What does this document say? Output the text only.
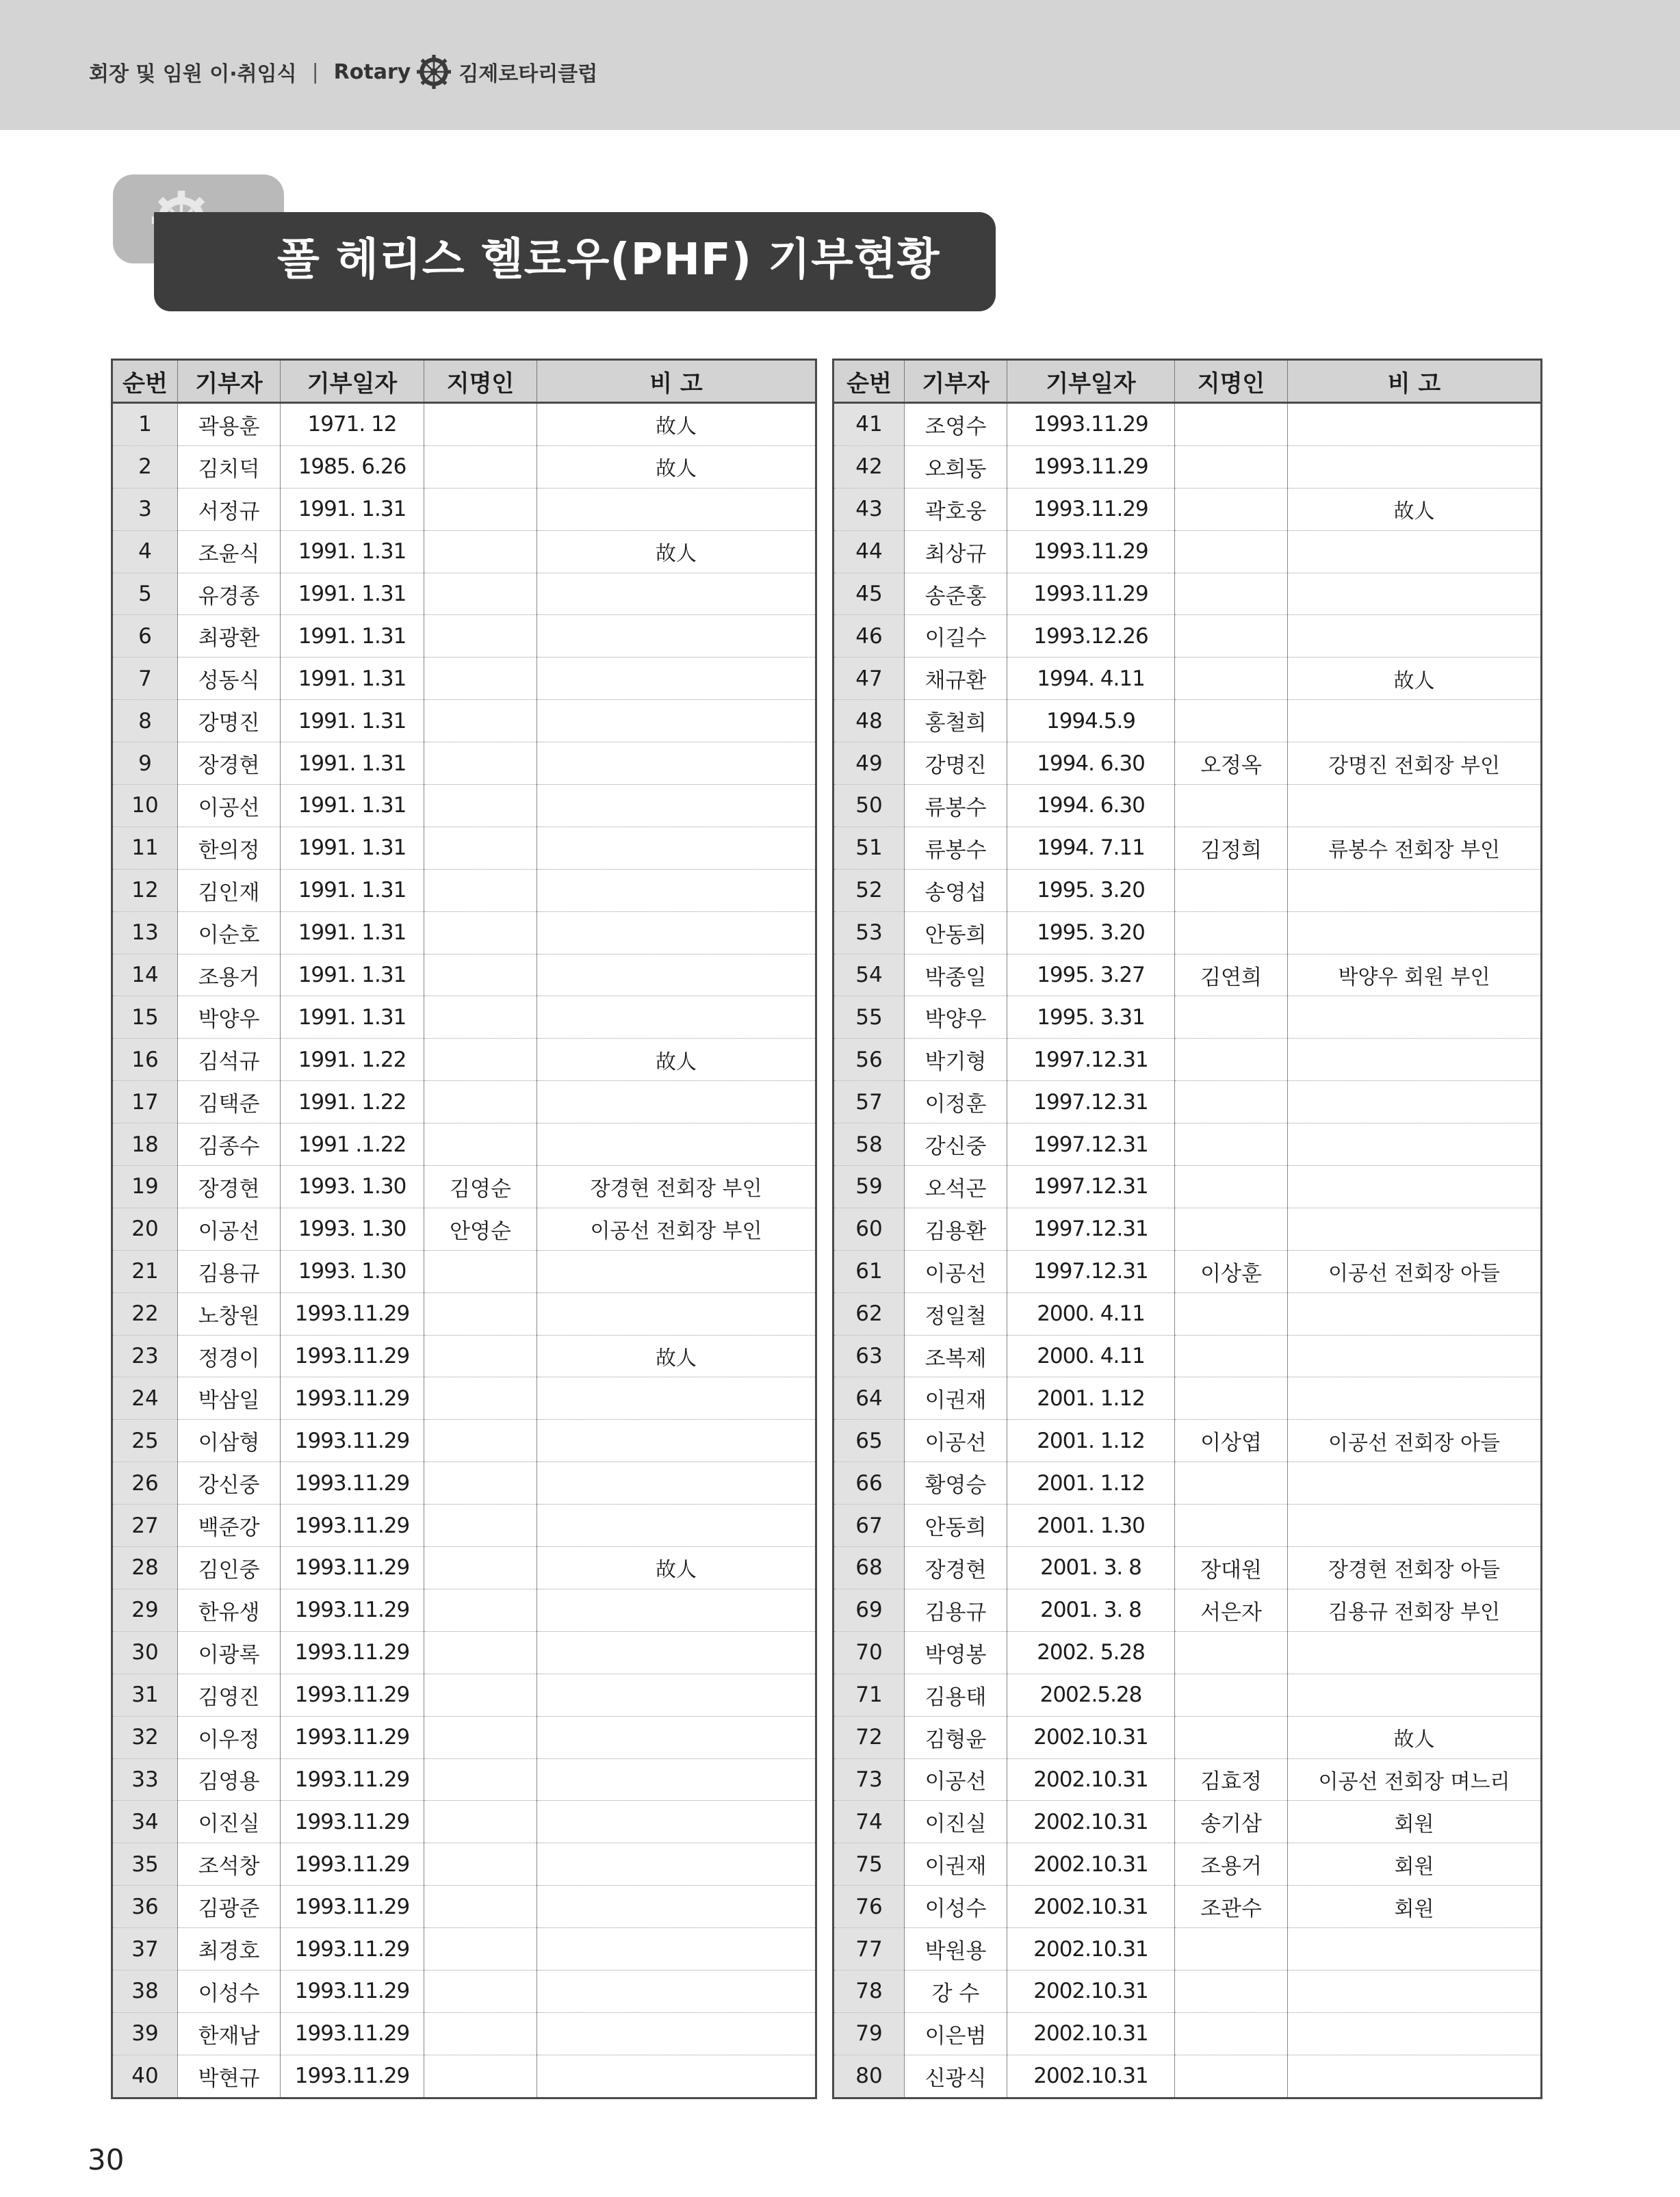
회장 및 임원 이·취임식 | Rotary 김제로타리클럽
폴 헤리스 헬로우(PHF) 기부현황
순번	기부자	기부일자	지명인	비 고
1	곽용훈	1971. 12		故人
2	김치덕	1985. 6.26		故人
3	서정규	1991. 1.31		
4	조윤식	1991. 1.31		故人
5	유경종	1991. 1.31		
6	최광환	1991. 1.31		
7	성동식	1991. 1.31		
8	강명진	1991. 1.31		
9	장경현	1991. 1.31		
10	이공선	1991. 1.31		
11	한의정	1991. 1.31		
12	김인재	1991. 1.31		
13	이순호	1991. 1.31		
14	조용거	1991. 1.31		
15	박양우	1991. 1.31		
16	김석규	1991. 1.22		故人
17	김택준	1991. 1.22		
18	김종수	1991 .1.22		
19	장경현	1993. 1.30	김영순	장경현 전회장 부인
20	이공선	1993. 1.30	안영순	이공선 전회장 부인
21	김용규	1993. 1.30		
22	노창원	1993.11.29		
23	정경이	1993.11.29		故人
24	박삼일	1993.11.29		
25	이삼형	1993.11.29		
26	강신중	1993.11.29		
27	백준강	1993.11.29		
28	김인중	1993.11.29		故人
29	한유생	1993.11.29		
30	이광록	1993.11.29		
31	김영진	1993.11.29		
32	이우정	1993.11.29		
33	김영용	1993.11.29		
34	이진실	1993.11.29		
35	조석창	1993.11.29		
36	김광준	1993.11.29		
37	최경호	1993.11.29		
38	이성수	1993.11.29		
39	한재남	1993.11.29		
40	박현규	1993.11.29		
순번	기부자	기부일자	지명인	비 고
41	조영수	1993.11.29		
42	오희동	1993.11.29		
43	곽호웅	1993.11.29		故人
44	최상규	1993.11.29		
45	송준홍	1993.11.29		
46	이길수	1993.12.26		
47	채규환	1994. 4.11		故人
48	홍철희	1994.5.9		
49	강명진	1994. 6.30	오정옥	강명진 전회장 부인
50	류봉수	1994. 6.30		
51	류봉수	1994. 7.11	김정희	류봉수 전회장 부인
52	송영섭	1995. 3.20		
53	안동희	1995. 3.20		
54	박종일	1995. 3.27	김연희	박양우 회원 부인
55	박양우	1995. 3.31		
56	박기형	1997.12.31		
57	이정훈	1997.12.31		
58	강신중	1997.12.31		
59	오석곤	1997.12.31		
60	김용환	1997.12.31		
61	이공선	1997.12.31	이상훈	이공선 전회장 아들
62	정일철	2000. 4.11		
63	조복제	2000. 4.11		
64	이권재	2001. 1.12		
65	이공선	2001. 1.12	이상엽	이공선 전회장 아들
66	황영승	2001. 1.12		
67	안동희	2001. 1.30		
68	장경현	2001. 3. 8	장대원	장경현 전회장 아들
69	김용규	2001. 3. 8	서은자	김용규 전회장 부인
70	박영봉	2002. 5.28		
71	김용태	2002.5.28		
72	김형윤	2002.10.31		故人
73	이공선	2002.10.31	김효정	이공선 전회장 며느리
74	이진실	2002.10.31	송기삼	회원
75	이권재	2002.10.31	조용거	회원
76	이성수	2002.10.31	조관수	회원
77	박원용	2002.10.31		
78	강 수	2002.10.31		
79	이은범	2002.10.31		
80	신광식	2002.10.31		
30
